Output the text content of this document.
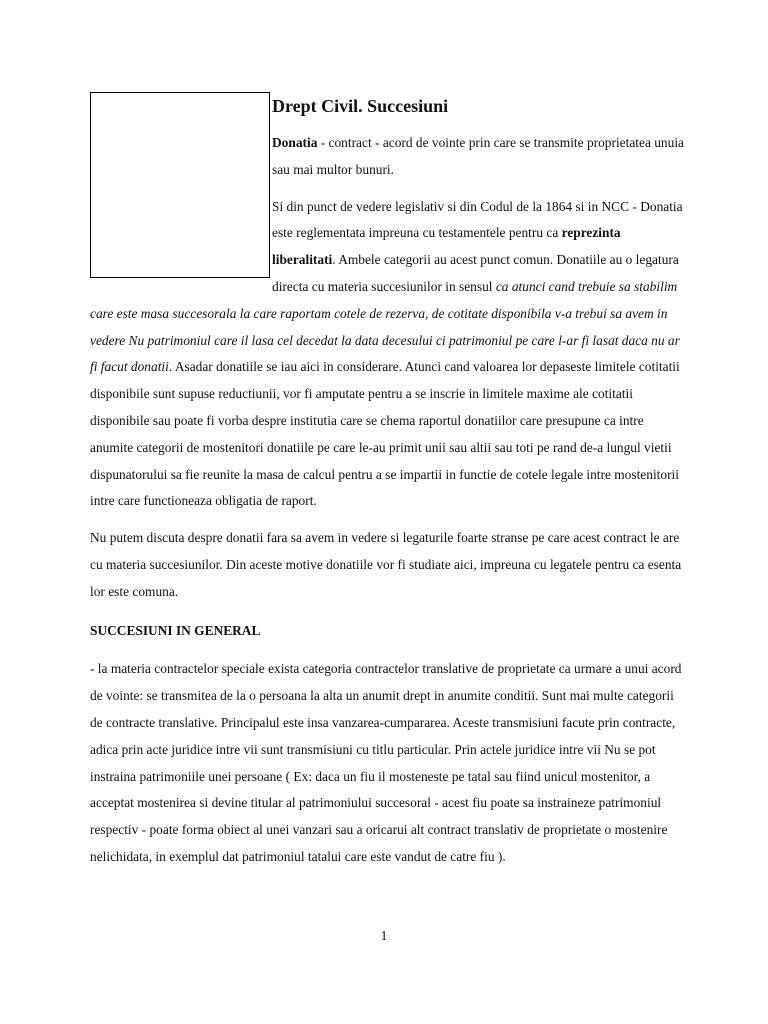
Drept Civil. Succesiuni

Donatia - contract - acord de vointe prin care se transmite proprietatea unuia sau mai multor bunuri.

Si din punct de vedere legislativ si din Codul de la 1864 si in NCC - Donatia este reglementata impreuna cu testamentele pentru ca reprezinta liberalitati. Ambele categorii au acest punct comun. Donatiile au o legatura directa cu materia succesiunilor in sensul ca atunci cand trebuie sa stabilim care este masa succesorala la care raportam cotele de rezerva, de cotitate disponibila v-a trebui sa avem in vedere Nu patrimoniul care il lasa cel decedat la data decesului ci patrimoniul pe care l-ar fi lasat daca nu ar fi facut donatii. Asadar donatiile se iau aici in considerare. Atunci cand valoarea lor depaseste limitele cotitatii disponibile sunt supuse reductiunii, vor fi amputate pentru a se inscrie in limitele maxime ale cotitatii disponibile sau poate fi vorba despre institutia care se chema raportul donatiilor care presupune ca intre anumite categorii de mostenitori donatiile pe care le-au primit unii sau altii sau toti pe rand de-a lungul vietii dispunatorului sa fie reunite la masa de calcul pentru a se impartii in functie de cotele legale intre mostenitorii intre care functioneaza obligatia de raport.

Nu putem discuta despre donatii fara sa avem in vedere si legaturile foarte stranse pe care acest contract le are cu materia succesiunilor. Din aceste motive donatiile vor fi studiate aici, impreuna cu legatele pentru ca esenta lor este comuna.

SUCCESIUNI IN GENERAL

- la materia contractelor speciale exista categoria contractelor translative de proprietate ca urmare a unui acord de vointe: se transmitea de la o persoana la alta un anumit drept in anumite conditii. Sunt mai multe categorii de contracte translative. Principalul este insa vanzarea-cumpararea. Aceste transmisiuni facute prin contracte, adica prin acte juridice intre vii sunt transmisiuni cu titlu particular. Prin actele juridice intre vii Nu se pot instraina patrimoniile unei persoane ( Ex: daca un fiu il mosteneste pe tatal sau fiind unicul mostenitor, a acceptat mostenirea si devine titular al patrimoniului succesoral - acest fiu poate sa instraineze patrimoniul respectiv - poate forma obiect al unei vanzari sau a oricarui alt contract translativ de proprietate o mostenire nelichidata, in exemplul dat patrimoniul tatalui care este vandut de catre fiu ).

1
